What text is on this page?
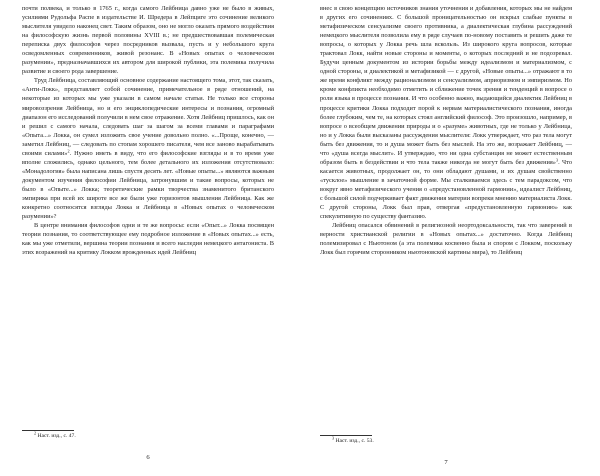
почти полвека, и только в 1765 г., когда самого Лейбница давно уже не было в живых, усилиями Рудольфа Распе в издательстве И. Шредера в Лейпциге это сочинение великого мыслителя увидело наконец свет. Таким образом, оно не могло оказать прямого воздействия на философскую жизнь первой половины XVIII в.; не предшествовавшая полемическая переписка двух философов через посредников вызвала, пусть и у небольшого круга осведомленных современников, живой резонанс. В «Новых опытах о человеческом разумении», предназначавшихся их автором для широкой публики, эта полемика получила развитие и своего рода завершение.

Труд Лейбница, составляющий основное содержание настоящего тома, этот, так сказать, «Анти-Локк», представляет собой сочинение, примечательное в ряде отношений, на некоторые из которых мы уже указали в самом начале статьи. Не только все стороны мировоззрения Лейбница, но и его энциклопедические интересы и познания, огромный диапазон его исследований получили в нем свое отражение. Хотя Лейбниц пришлось, как он и решил с самого начала, следовать шаг за шагом за всеми главами и параграфами «Опыта...» Локка, он сумел изложить свое учение довольно полно. «...Проще, конечно, — заметил Лейбниц, — следовать по стопам хорошего писателя, чем все заново вырабатывать своими силами»$^2$. Нужно иметь в виду, что его философские взгляды и в то время уже вполне сложились, однако цельного, тем более детального их изложения отсутствовало: «Монадология» была написана лишь спустя десять лет. «Новые опыты...» являются важным документом изучения философии Лейбница, затронувшим и такие вопросы, которых не было в «Опыте...» Локка; теоретические рамки творчества знаменитого британского эмпирика при всей их широте все же были уже горизонтов мышления Лейбница. Как же конкретно соотносятся взгляды Локка и Лейбница в «Новых опытах о человеческом разумении»?

В центре внимания философов одни и те же вопросы: если «Опыт...» Локка посвящен теории познания, то соответствующее ему подробное изложение в «Новых опытах...» есть, как мы уже отметили, вершина теории познания и всего наследия немецкого антагониста. В этих возражений на критику Локком врожденных идей Лейбниц

$^2$ Наст. изд., с. 47.
6

внес в свою концепцию источников знания уточнения и добавления, которых мы не найдем в других его сочинениях. С большой проницательностью он вскрыл слабые пункты в метафизическом сенсуализме своего противника, а диалектическая глубина рассуждений немецкого мыслителя позволила ему в ряде случаев по-новому поставить и решить даже те вопросы, о которых у Локка речь шла вскользь. Из широкого круга вопросов, которые трактовал Локк, найти новые стороны и моменты, о которых последний и не подозревал. Будучи ценным документом из истории борьбы между идеализмом и материализмом, с одной стороны, и диалектикой и метафизикой — с другой, «Новые опыты...» отражают в то же время конфликт между рационализмом и сенсуализмом, априоризмом и эмпиризмом. Но кроме конфликта необходимо отметить и сближение точек зрения и тенденций в вопросе о роли языка в процессе познания. И что особенно важно, выдающийся диалектик Лейбниц в процессе критики Локка подходит порой к нервам материалистического познания, иногда более глубоким, чем те, на которых стоял английский философ. Это произошло, например, в вопросе о всеобщем движении природы и о «разуме» животных, где не только у Лейбница, но и у Локка были высказаны рассуждения мыслителя: Локк утверждает, что раз тела могут быть без движения, то и душа может быть без мыслей. На это же, возражает Лейбниц, — что «душа всегда мыслит». И утверждаю, что ни одна субстанция не может естественным образом быть в бездействии и что тела также никогда не могут быть без движения»$^3$. Что касается животных, продолжает он, то они обладают душами, и их душам свойственно «тусклое» мышление в зачаточной форме. Мы сталкиваемся здесь с тем парадоксом, что вокруг явно метафизического учения о «предустановленной гармонии», идеалист Лейбниц, с большой силой подчеркивает факт движения материи вопреки мнению материалиста Локк. С другой стороны, Локк был прав, отвергая «предустановленную гармонию» как спекулятивную по существу фантазию.

Лейбниц опасался обвинений в религиозной неортодоксальности, так что заверений в верности христианской религии в «Новых опытах...» достаточно. Когда Лейбниц полемизировал с Ньютоном (а эта полемика косвенно была и спором с Локком, поскольку Локк был горячим сторонником ньютоновской картины мира), то Лейбниц

$^3$ Наст. изд., с. 53.
7
